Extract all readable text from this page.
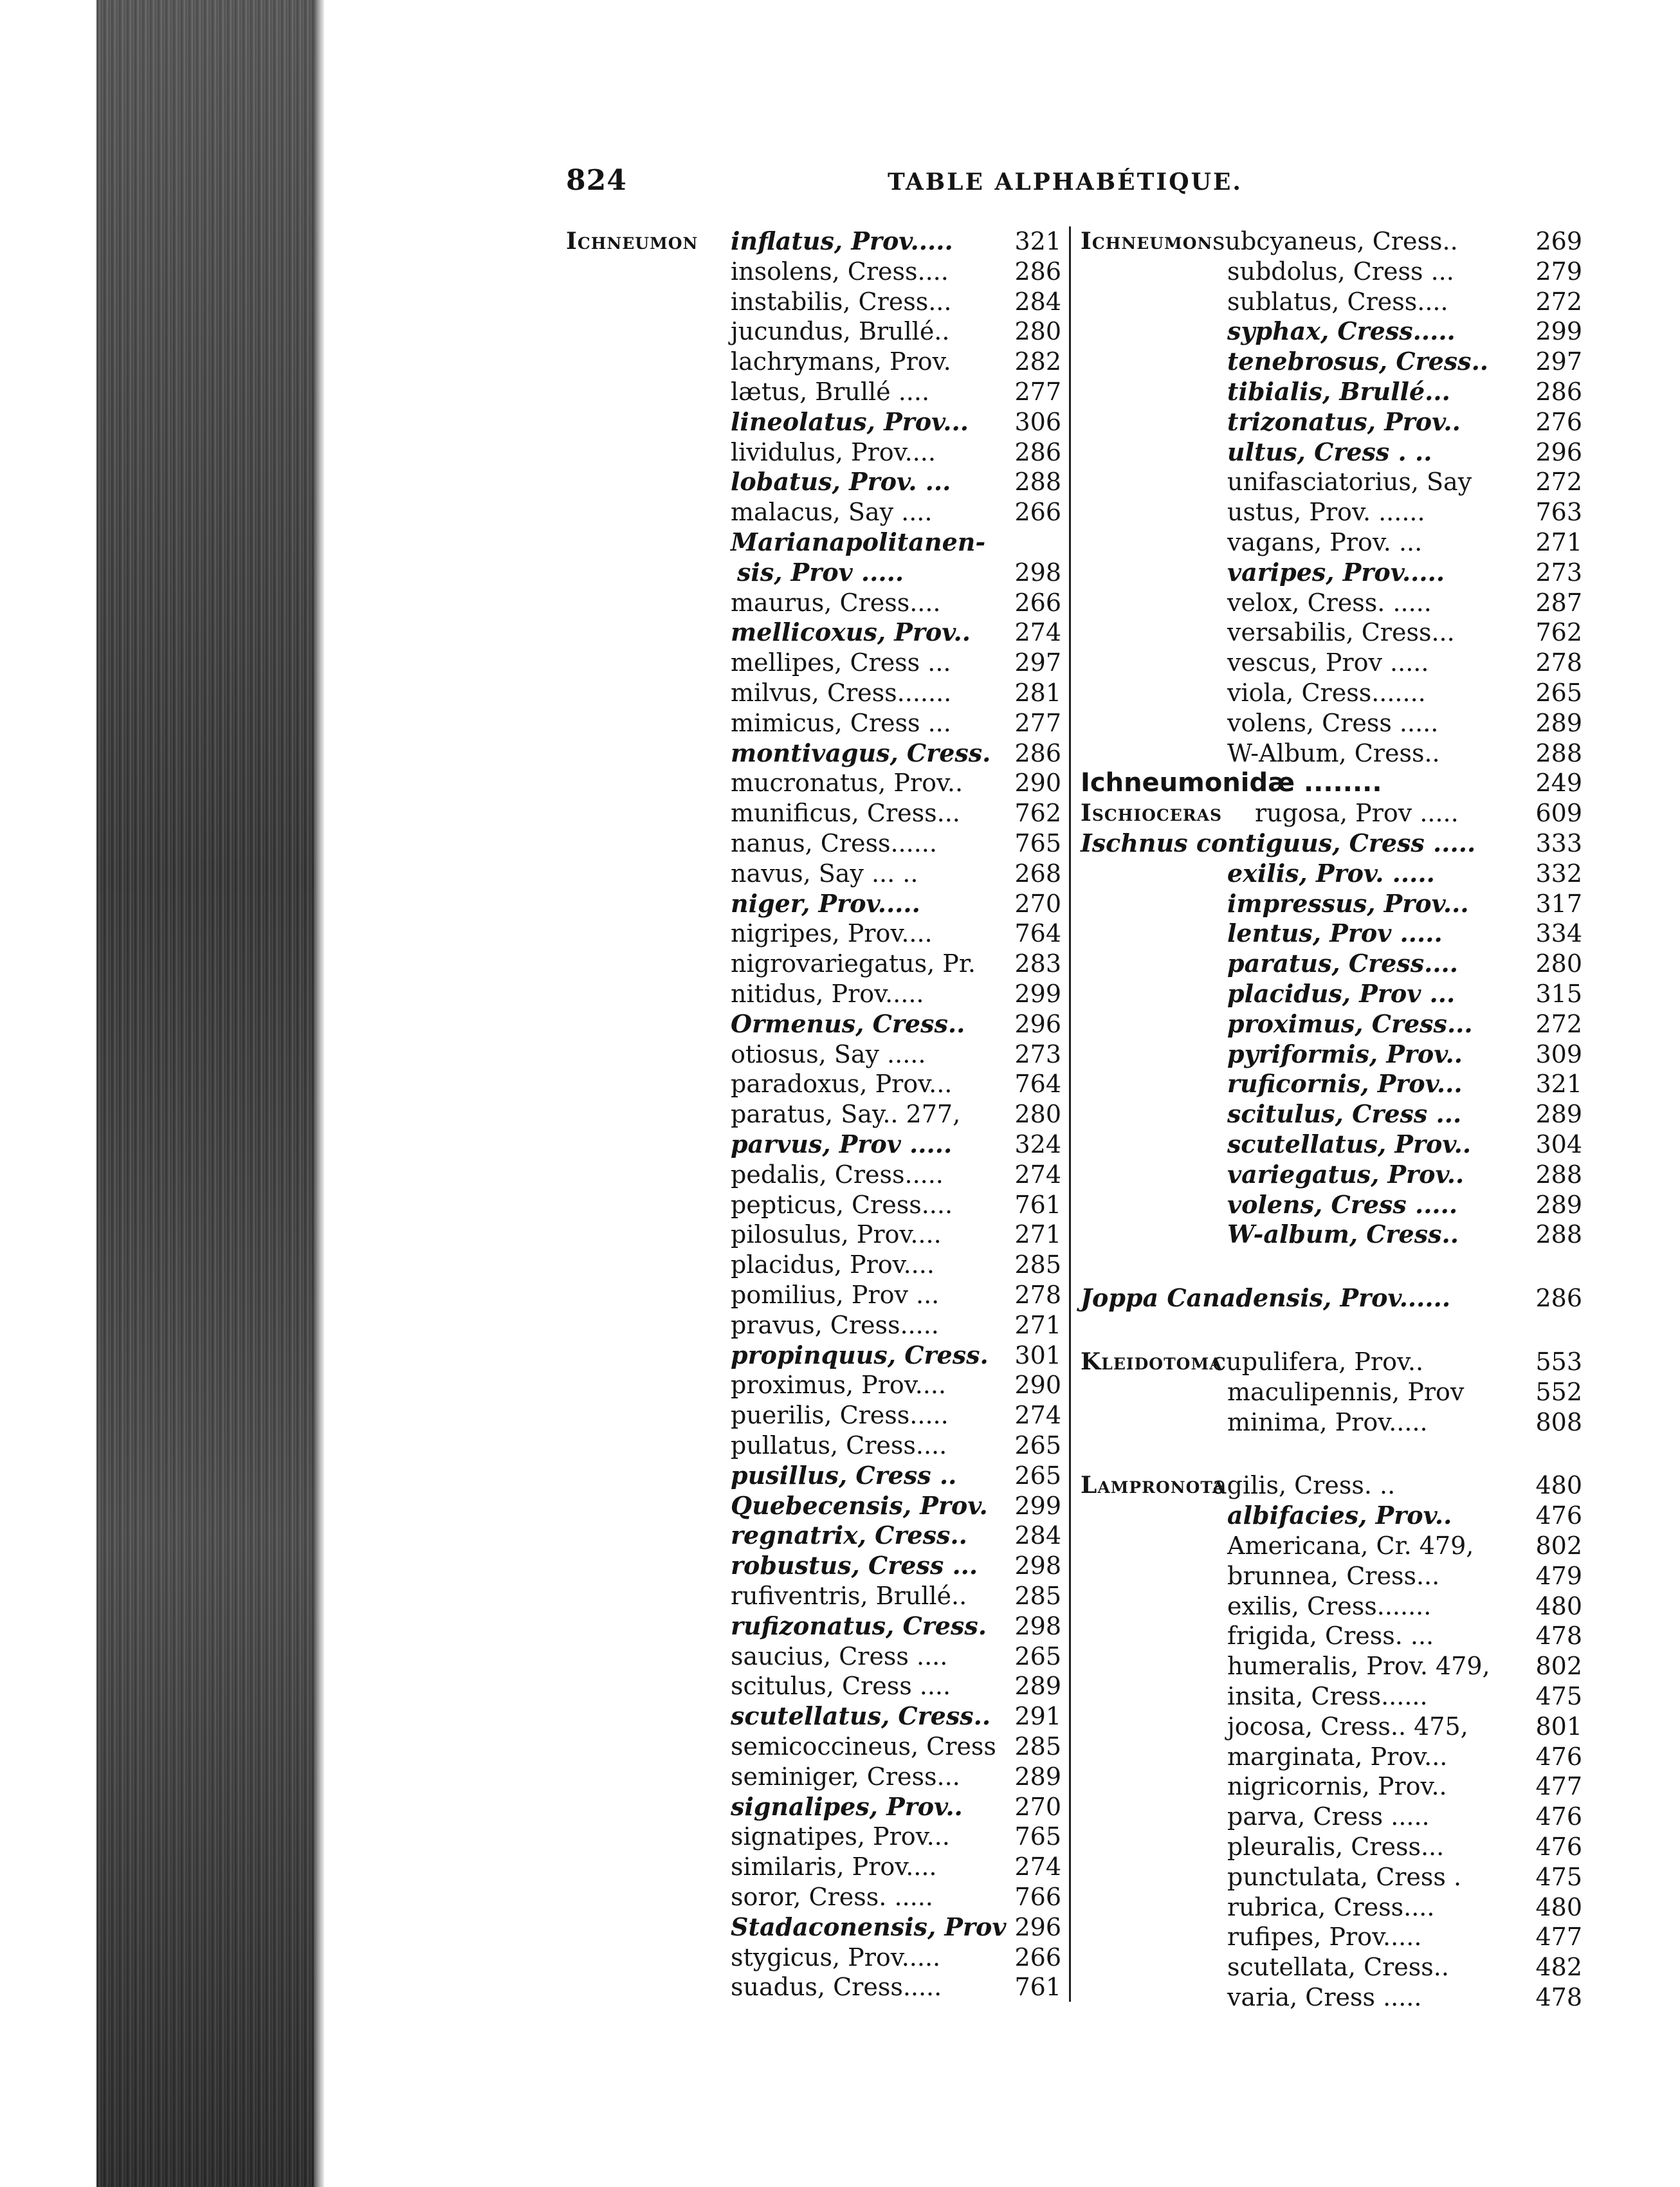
824	TABLE ALPHABÉTIQUE.
Ichneumon inflatus, Prov.....	321
insolens, Cress....	286
instabilis, Cress...	284
jucundus, Brullé..	280
lachrymans, Prov.	282
lætus, Brullé ....	277
lineolatus, Prov... 306
lividulus, Prov....	286
lobatus, Prov. ...	288
malacus, Say ....	266
Marianapolitanen-
sis, Prov .....	298
maurus, Cress....	266
mellicoxus, Prov.. 274
mellipes, Cress ...	297
milvus, Cress.......	281
mimicus, Cress ...	277
montivagus, Cress. 286
mucronatus, Prov.. 290
munificus, Cress... 762
nanus, Cress......	765
navus, Say ... ..	268
niger, Prov.....	270
nigripes, Prov....	764
nigrovariegatus, Pr. 283
nitidus, Prov.....	299
Ormenus, Cress.. 296
otiosus, Say .....	273
paradoxus, Prov...	764
paratus, Say.. 277, 280
parvus, Prov .....	324
pedalis, Cress.....	274
pepticus, Cress....	761
pilosulus, Prov....	271
placidus, Prov....	285
pomilius, Prov ...	278
pravus, Cress.....	271
propinquus, Cress. 301
proximus, Prov....	290
puerilis, Cress.....	274
pullatus, Cress....	265
pusillus, Cress .. 265
Quebecensis, Prov. 299
regnatrix, Cress.. 284
robustus, Cress ... 298
rufiventris, Brullé.. 285
rufizonatus, Cress. 298
saucius, Cress ....	265
scitulus, Cress ....	289
scutellatus, Cress.. 291
semicoccineus, Cress 285
seminiger, Cress... 289
signalipes, Prov.. 270
signatipes, Prov...	765
similaris, Prov....	274
soror, Cress. .....	766
Stadaconensis, Prov 296
stygicus, Prov.....	266
suadus, Cress.....	761
Ichneumon subcyaneus, Cress..	269
subdolus, Cress ...	279
sublatus, Cress....	272
syphax, Cress.....	299
tenebrosus, Cress.. 297
tibialis, Brullé...	286
trizonatus, Prov..	276
ultus, Cress . ..	296
unifasciatorius, Say	272
ustus, Prov. ......	763
vagans, Prov. ...	271
varipes, Prov.....	273
velox, Cress. .....	287
versabilis, Cress...	762
vescus, Prov .....	278
viola, Cress.......	265
volens, Cress .....	289
W-Album, Cress..	288
Ichneumonidæ ........	249
Ischioceras rugosa, Prov .....	609
Ischnus contiguus, Cress ..... 333
exilis, Prov. .....	332
impressus, Prov...	317
lentus, Prov .....	334
paratus, Cress....	280
placidus, Prov ...	315
proximus, Cress...	272
pyriformis, Prov..	309
ruficornis, Prov...	321
scitulus, Cress ...	289
scutellatus, Prov..	304
variegatus, Prov..	288
volens, Cress .....	289
W-album, Cress..	288
Joppa Canadensis, Prov......	286
Kleidotoma
cupulifera, Prov..	553
maculipennis, Prov	552
minima, Prov.....	808
Lampronota
agilis, Cress. ..	480
albifacies, Prov..	476
Americana, Cr. 479,	802
brunnea, Cress...	479
exilis, Cress.......	480
frigida, Cress. ...	478
humeralis, Prov. 479, 802
insita, Cress......	475
jocosa, Cress.. 475,	801
marginata, Prov...	476
nigricornis, Prov..	477
parva, Cress .....	476
pleuralis, Cress...	476
punctulata, Cress .	475
rubrica, Cress....	480
rufipes, Prov.....	477
scutellata, Cress..	482
varia, Cress .....	478
